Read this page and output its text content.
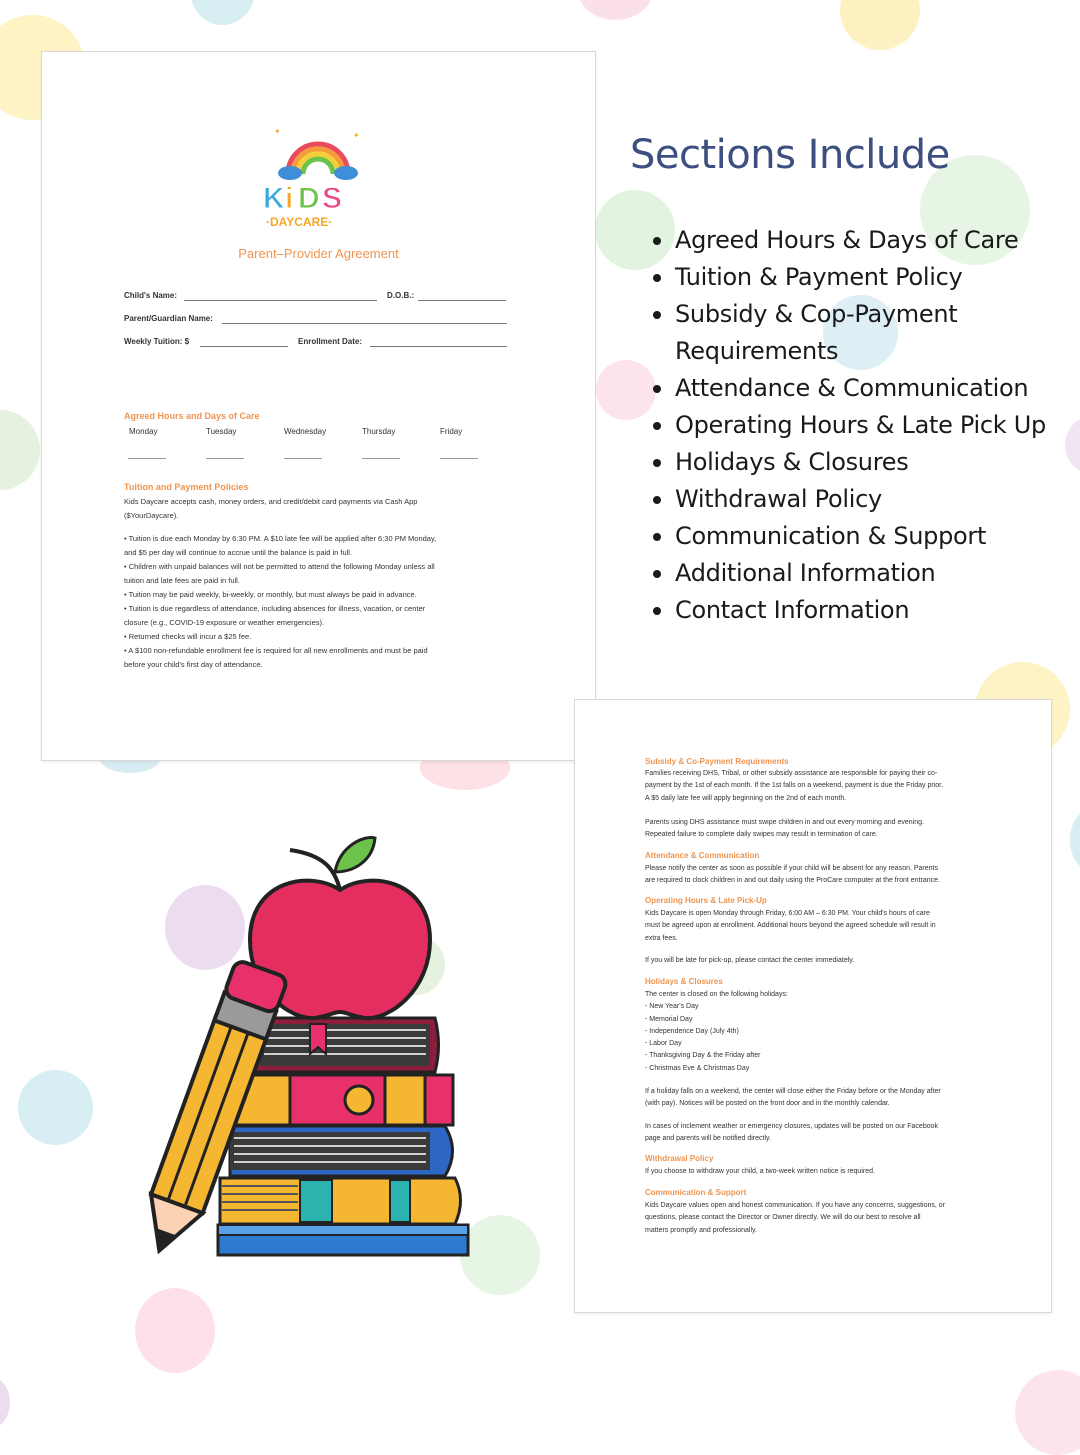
✦	✦
K i D S
·DAYCARE·
Parent–Provider Agreement
Child's Name:	D.O.B.:
Parent/Guardian Name:
Weekly Tuition: $	Enrollment Date:
Agreed Hours and Days of Care
Monday	Tuesday	Wednesday	Thursday	Friday
Tuition and Payment Policies
Kids Daycare accepts cash, money orders, and credit/debit card payments via Cash App
($YourDaycare).
• Tuition is due each Monday by 6:30 PM. A $10 late fee will be applied after 6:30 PM Monday,
and $5 per day will continue to accrue until the balance is paid in full.
• Children with unpaid balances will not be permitted to attend the following Monday unless all
tuition and late fees are paid in full.
• Tuition may be paid weekly, bi-weekly, or monthly, but must always be paid in advance.
• Tuition is due regardless of attendance, including absences for illness, vacation, or center
closure (e.g., COVID-19 exposure or weather emergencies).
• Returned checks will incur a $25 fee.
• A $100 non-refundable enrollment fee is required for all new enrollments and must be paid
before your child's first day of attendance.
Sections Include
Agreed Hours & Days of Care
Tuition & Payment Policy
Subsidy & Cop-Payment
Requirements
Attendance & Communication
Operating Hours & Late Pick Up
Holidays & Closures
Withdrawal Policy
Communication & Support
Additional Information
Contact Information
Subsidy & Co-Payment Requirements
Families receiving DHS, Tribal, or other subsidy assistance are responsible for paying their co-
payment by the 1st of each month. If the 1st falls on a weekend, payment is due the Friday prior.
A $5 daily late fee will apply beginning on the 2nd of each month.
Parents using DHS assistance must swipe children in and out every morning and evening.
Repeated failure to complete daily swipes may result in termination of care.
Attendance & Communication
Please notify the center as soon as possible if your child will be absent for any reason. Parents
are required to clock children in and out daily using the ProCare computer at the front entrance.
Operating Hours & Late Pick-Up
Kids Daycare is open Monday through Friday, 6:00 AM – 6:30 PM. Your child's hours of care
must be agreed upon at enrollment. Additional hours beyond the agreed schedule will result in
extra fees.
If you will be late for pick-up, please contact the center immediately.
Holidays & Closures
The center is closed on the following holidays:
- New Year's Day
- Memorial Day
- Independence Day (July 4th)
- Labor Day
- Thanksgiving Day & the Friday after
- Christmas Eve & Christmas Day
If a holiday falls on a weekend, the center will close either the Friday before or the Monday after
(with pay). Notices will be posted on the front door and in the monthly calendar.
In cases of inclement weather or emergency closures, updates will be posted on our Facebook
page and parents will be notified directly.
Withdrawal Policy
If you choose to withdraw your child, a two-week written notice is required.
Communication & Support
Kids Daycare values open and honest communication. If you have any concerns, suggestions, or
questions, please contact the Director or Owner directly. We will do our best to resolve all
matters promptly and professionally.
